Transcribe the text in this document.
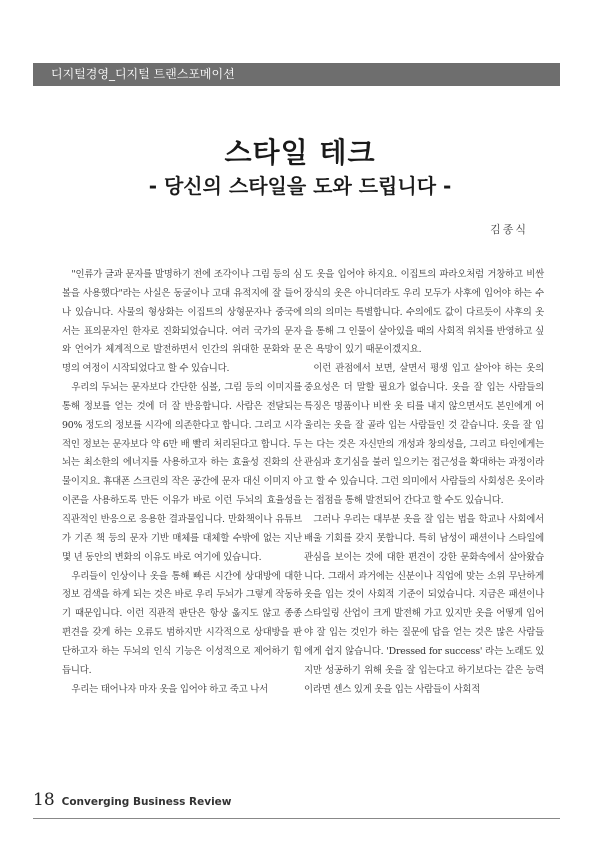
디지털경영_디지털 트랜스포메이션
스타일 테크
- 당신의 스타일을 도와 드립니다 -
김종식

"인류가 글과 문자를 발명하기 전에 조각이나 그림 등의 심볼을 사용했다"라는 사실은 동굴이나 고대 유적지에 잘 들어나 있습니다. 사물의 형상화는 이집트의 상형문자나 중국에서는 표의문자인 한자로 진화되었습니다. 여러 국가의 문자와 언어가 체계적으로 발전하면서 인간의 위대한 문화와 문명의 여정이 시작되었다고 할 수 있습니다.

우리의 두뇌는 문자보다 간단한 심볼, 그림 등의 이미지를 통해 정보를 얻는 것에 더 잘 반응합니다. 사람은 전달되는 90% 정도의 정보를 시각에 의존한다고 합니다. 그리고 시각적인 정보는 문자보다 약 6만 배 빨리 처리된다고 합니다. 두뇌는 최소한의 에너지를 사용하고자 하는 효율성 진화의 산물이지요. 휴대폰 스크린의 작은 공간에 문자 대신 이미지 아이콘을 사용하도록 만든 이유가 바로 이런 두뇌의 효율성을 직관적인 반응으로 응용한 결과물입니다. 만화책이나 유튜브가 기존 책 등의 문자 기반 매체를 대체할 수밖에 없는 지난 몇 년 동안의 변화의 이유도 바로 여기에 있습니다.

우리들이 인상이나 옷을 통해 빠른 시간에 상대방에 대한 정보 검색을 하게 되는 것은 바로 우리 두뇌가 그렇게 작동하기 때문입니다. 이런 직관적 판단은 항상 옳지도 않고 종종 편견을 갖게 하는 오류도 범하지만 시각적으로 상대방을 판단하고자 하는 두뇌의 인식 기능은 이성적으로 제어하기 힘듭니다.

우리는 태어나자 마자 옷을 입어야 하고 죽고 나서

도 옷을 입어야 하지요. 이집트의 파라오처럼 거창하고 비싼 장식의 옷은 아니더라도 우리 모두가 사후에 입어야 하는 수의의 의미는 특별합니다. 수의에도 값이 다르듯이 사후의 옷을 통해 그 인물이 살아있을 때의 사회적 위치를 반영하고 싶은 욕망이 있기 때문이겠지요.

이런 관점에서 보면, 살면서 평생 입고 살아야 하는 옷의 중요성은 더 말할 필요가 없습니다. 옷을 잘 입는 사람들의 특징은 명품이나 비싼 옷 티를 내지 않으면서도 본인에게 어울리는 옷을 잘 골라 입는 사람들인 것 같습니다. 옷을 잘 입는 다는 것은 자신만의 개성과 창의성을, 그리고 타인에게는 관심과 호기심을 불러 일으키는 접근성을 확대하는 과정이라고 할 수 있습니다. 그런 의미에서 사람들의 사회성은 옷이라는 접점을 통해 발전되어 간다고 할 수도 있습니다.

그러나 우리는 대부분 옷을 잘 입는 법을 학교나 사회에서 배울 기회를 갖지 못합니다. 특히 남성이 패션이나 스타일에 관심을 보이는 것에 대한 편견이 강한 문화속에서 살아왔습니다. 그래서 과거에는 신분이나 직업에 맞는 소위 무난하게 옷을 입는 것이 사회적 기준이 되었습니다. 지금은 패션이나 스타일링 산업이 크게 발전해 가고 있지만 옷을 어떻게 입어야 잘 입는 것인가 하는 질문에 답을 얻는 것은 많은 사람들에게 쉽지 않습니다. 'Dressed for success' 라는 노래도 있지만 성공하기 위해 옷을 잘 입는다고 하기보다는 같은 능력이라면 센스 있게 옷을 입는 사람들이 사회적

18 Converging Business Review
